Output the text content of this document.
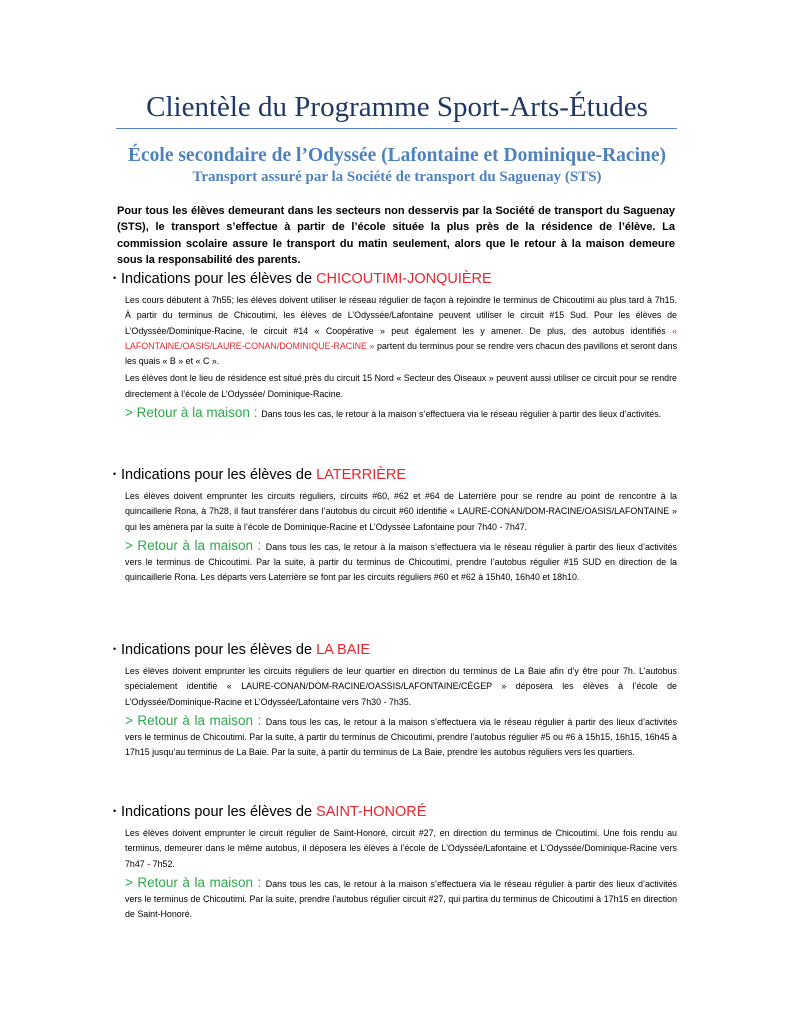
Clientèle du Programme Sport-Arts-Études
École secondaire de l’Odyssée (Lafontaine et Dominique-Racine)
Transport assuré par la Société de transport du Saguenay (STS)

Pour tous les élèves demeurant dans les secteurs non desservis par la Société de transport du Saguenay (STS), le transport s’effectue à partir de l’école située la plus près de la résidence de l’élève. La commission scolaire assure le transport du matin seulement, alors que le retour à la maison demeure sous la responsabilité des parents.

• Indications pour les élèves de CHICOUTIMI-JONQUIÈRE

Les cours débutent à 7h55; les élèves doivent utiliser le réseau régulier de façon à rejoindre le terminus de Chicoutimi au plus tard à 7h15. À partir du terminus de Chicoutimi, les élèves de L’Odyssée/Lafontaine peuvent utiliser le circuit #15 Sud. Pour les élèves de L’Odyssée/Dominique-Racine, le circuit #14 « Coopérative » peut également les y amener. De plus, des autobus identifiés « LAFONTAINE/OASIS/LAURE-CONAN/DOMINIQUE-RACINE » partent du terminus pour se rendre vers chacun des pavillons et seront dans les quais « B » et « C ».

Les élèves dont le lieu de résidence est situé près du circuit 15 Nord « Secteur des Oiseaux » peuvent aussi utiliser ce circuit pour se rendre directement à l’école de L’Odyssée/ Dominique-Racine.

> Retour à la maison : Dans tous les cas, le retour à la maison s’effectuera via le réseau régulier à partir des lieux d’activités.

• Indications pour les élèves de LATERRIÈRE

Les élèves doivent emprunter les circuits réguliers, circuits #60, #62 et #64 de Laterrière pour se rendre au point de rencontre à la quincaillerie Rona, à 7h28, il faut transférer dans l’autobus du circuit #60 identifié « LAURE-CONAN/DOM-RACINE/OASIS/LAFONTAINE » qui les amènera par la suite à l’école de Dominique-Racine et L’Odyssée Lafontaine pour 7h40 - 7h47.

> Retour à la maison : Dans tous les cas, le retour à la maison s’effectuera via le réseau régulier à partir des lieux d’activités vers le terminus de Chicoutimi. Par la suite, à partir du terminus de Chicoutimi, prendre l’autobus régulier #15 SUD en direction de la quincaillerie Rona. Les départs vers Laterrière se font par les circuits réguliers #60 et #62 à 15h40, 16h40 et 18h10.

• Indications pour les élèves de LA BAIE

Les élèves doivent emprunter les circuits réguliers de leur quartier en direction du terminus de La Baie afin d’y être pour 7h. L’autobus spécialement identifié « LAURE-CONAN/DOM-RACINE/OASSIS/LAFONTAINE/CÉGEP » déposera les élèves à l’école de L’Odyssée/Dominique-Racine et L’Odyssée/Lafontaine vers 7h30 - 7h35.

> Retour à la maison : Dans tous les cas, le retour à la maison s’effectuera via le réseau régulier à partir des lieux d’activités vers le terminus de Chicoutimi. Par la suite, à partir du terminus de Chicoutimi, prendre l’autobus régulier #5 ou #6 à 15h15, 16h15, 16h45 à 17h15 jusqu’au terminus de La Baie. Par la suite, à partir du terminus de La Baie, prendre les autobus réguliers vers les quartiers.

• Indications pour les élèves de SAINT-HONORÉ

Les élèves doivent emprunter le circuit régulier de Saint-Honoré, circuit #27, en direction du terminus de Chicoutimi. Une fois rendu au terminus, demeurer dans le même autobus, il déposera les élèves à l’école de L’Odyssée/Lafontaine et L’Odyssée/Dominique-Racine vers 7h47 - 7h52.

> Retour à la maison : Dans tous les cas, le retour à la maison s’effectuera via le réseau régulier à partir des lieux d’activités vers le terminus de Chicoutimi. Par la suite, prendre l’autobus régulier circuit #27, qui partira du terminus de Chicoutimi à 17h15 en direction de Saint-Honoré.
